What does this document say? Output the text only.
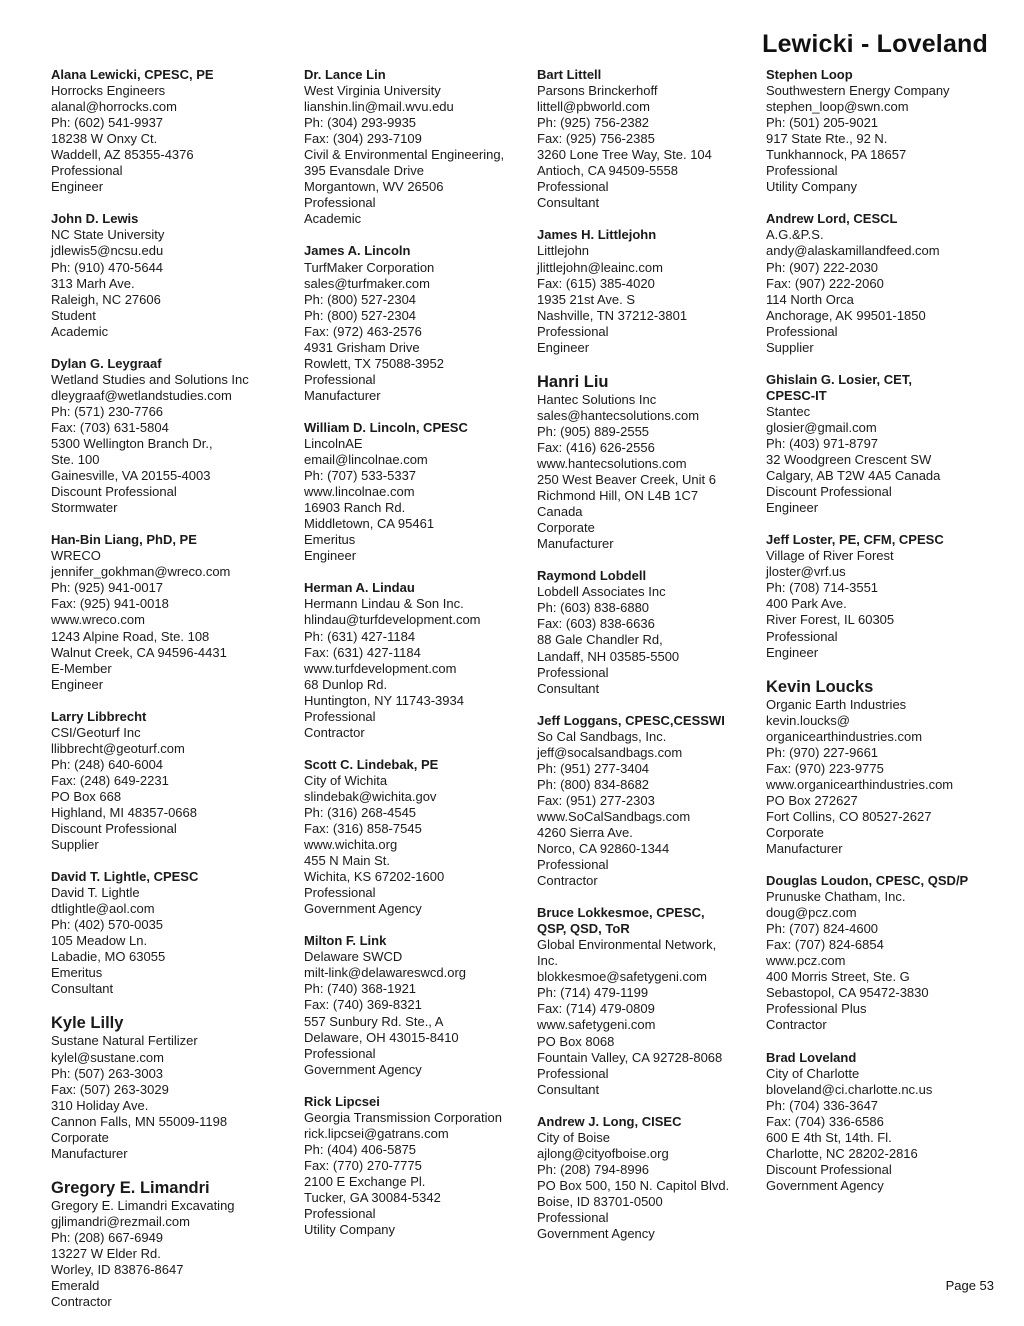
Lewicki - Loveland
Alana Lewicki, CPESC, PE
Horrocks Engineers
alanal@horrocks.com
Ph: (602) 541-9937
18238 W Onxy Ct.
Waddell, AZ 85355-4376
Professional
Engineer
John D. Lewis
NC State University
jdlewis5@ncsu.edu
Ph: (910) 470-5644
313 Marh Ave.
Raleigh, NC 27606
Student
Academic
Dylan G. Leygraaf
Wetland Studies and Solutions Inc
dleygraaf@wetlandstudies.com
Ph: (571) 230-7766
Fax: (703) 631-5804
5300 Wellington Branch Dr.,
Ste. 100
Gainesville, VA 20155-4003
Discount Professional
Stormwater
Han-Bin Liang, PhD, PE
WRECO
jennifer_gokhman@wreco.com
Ph: (925) 941-0017
Fax: (925) 941-0018
www.wreco.com
1243 Alpine Road, Ste. 108
Walnut Creek, CA 94596-4431
E-Member
Engineer
Larry Libbrecht
CSI/Geoturf Inc
llibbrecht@geoturf.com
Ph: (248) 640-6004
Fax: (248) 649-2231
PO Box 668
Highland, MI 48357-0668
Discount Professional
Supplier
David T. Lightle, CPESC
David T. Lightle
dtlightle@aol.com
Ph: (402) 570-0035
105 Meadow Ln.
Labadie, MO 63055
Emeritus
Consultant
Kyle Lilly
Sustane Natural Fertilizer
kylel@sustane.com
Ph: (507) 263-3003
Fax: (507) 263-3029
310 Holiday Ave.
Cannon Falls, MN 55009-1198
Corporate
Manufacturer
Gregory E. Limandri
Gregory E. Limandri Excavating
gjlimandri@rezmail.com
Ph: (208) 667-6949
13227 W Elder Rd.
Worley, ID 83876-8647
Emerald
Contractor
Dr. Lance Lin
West Virginia University
lianshin.lin@mail.wvu.edu
Ph: (304) 293-9935
Fax: (304) 293-7109
Civil & Environmental Engineering,
395 Evansdale Drive
Morgantown, WV 26506
Professional
Academic
James A. Lincoln
TurfMaker Corporation
sales@turfmaker.com
Ph: (800) 527-2304
Ph: (800) 527-2304
Fax: (972) 463-2576
4931 Grisham Drive
Rowlett, TX 75088-3952
Professional
Manufacturer
William D. Lincoln, CPESC
LincolnAE
email@lincolnae.com
Ph: (707) 533-5337
www.lincolnae.com
16903 Ranch Rd.
Middletown, CA 95461
Emeritus
Engineer
Herman A. Lindau
Hermann Lindau & Son Inc.
hlindau@turfdevelopment.com
Ph: (631) 427-1184
Fax: (631) 427-1184
www.turfdevelopment.com
68 Dunlop Rd.
Huntington, NY 11743-3934
Professional
Contractor
Scott C. Lindebak, PE
City of Wichita
slindebak@wichita.gov
Ph: (316) 268-4545
Fax: (316) 858-7545
www.wichita.org
455 N Main St.
Wichita, KS 67202-1600
Professional
Government Agency
Milton F. Link
Delaware SWCD
milt-link@delawareswcd.org
Ph: (740) 368-1921
Fax: (740) 369-8321
557 Sunbury Rd. Ste., A
Delaware, OH 43015-8410
Professional
Government Agency
Rick Lipcsei
Georgia Transmission Corporation
rick.lipcsei@gatrans.com
Ph: (404) 406-5875
Fax: (770) 270-7775
2100 E Exchange Pl.
Tucker, GA 30084-5342
Professional
Utility Company
Bart Littell
Parsons Brinckerhoff
littell@pbworld.com
Ph: (925) 756-2382
Fax: (925) 756-2385
3260 Lone Tree Way, Ste. 104
Antioch, CA 94509-5558
Professional
Consultant
James H. Littlejohn
Littlejohn
jlittlejohn@leainc.com
Fax: (615) 385-4020
1935 21st Ave. S
Nashville, TN 37212-3801
Professional
Engineer
Hanri Liu
Hantec Solutions Inc
sales@hantecsolutions.com
Ph: (905) 889-2555
Fax: (416) 626-2556
www.hantecsolutions.com
250 West Beaver Creek, Unit 6
Richmond Hill, ON L4B 1C7
Canada
Corporate
Manufacturer
Raymond Lobdell
Lobdell Associates Inc
Ph: (603) 838-6880
Fax: (603) 838-6636
88 Gale Chandler Rd,
Landaff, NH 03585-5500
Professional
Consultant
Jeff Loggans, CPESC,CESSWI
So Cal Sandbags, Inc.
jeff@socalsandbags.com
Ph: (951) 277-3404
Ph: (800) 834-8682
Fax: (951) 277-2303
www.SoCalSandbags.com
4260 Sierra Ave.
Norco, CA 92860-1344
Professional
Contractor
Bruce Lokkesmoe, CPESC,
QSP, QSD, ToR
Global Environmental Network,
Inc.
blokkesmoe@safetygeni.com
Ph: (714) 479-1199
Fax: (714) 479-0809
www.safetygeni.com
PO Box 8068
Fountain Valley, CA 92728-8068
Professional
Consultant
Andrew J. Long, CISEC
City of Boise
ajlong@cityofboise.org
Ph: (208) 794-8996
PO Box 500, 150 N. Capitol Blvd.
Boise, ID 83701-0500
Professional
Government Agency
Stephen Loop
Southwestern Energy Company
stephen_loop@swn.com
Ph: (501) 205-9021
917 State Rte., 92 N.
Tunkhannock, PA 18657
Professional
Utility Company
Andrew Lord, CESCL
A.G.&P.S.
andy@alaskamillandfeed.com
Ph: (907) 222-2030
Fax: (907) 222-2060
114 North Orca
Anchorage, AK 99501-1850
Professional
Supplier
Ghislain G. Losier, CET,
CPESC-IT
Stantec
glosier@gmail.com
Ph: (403) 971-8797
32 Woodgreen Crescent SW
Calgary, AB T2W 4A5 Canada
Discount Professional
Engineer
Jeff Loster, PE, CFM, CPESC
Village of River Forest
jloster@vrf.us
Ph: (708) 714-3551
400 Park Ave.
River Forest, IL 60305
Professional
Engineer
Kevin Loucks
Organic Earth Industries
kevin.loucks@
organicearthindustries.com
Ph: (970) 227-9661
Fax: (970) 223-9775
www.organicearthindustries.com
PO Box 272627
Fort Collins, CO 80527-2627
Corporate
Manufacturer
Douglas Loudon, CPESC, QSD/P
Prunuske Chatham, Inc.
doug@pcz.com
Ph: (707) 824-4600
Fax: (707) 824-6854
www.pcz.com
400 Morris Street, Ste. G
Sebastopol, CA 95472-3830
Professional Plus
Contractor
Brad Loveland
City of Charlotte
bloveland@ci.charlotte.nc.us
Ph: (704) 336-3647
Fax: (704) 336-6586
600 E 4th St, 14th. Fl.
Charlotte, NC 28202-2816
Discount Professional
Government Agency
Page 53
